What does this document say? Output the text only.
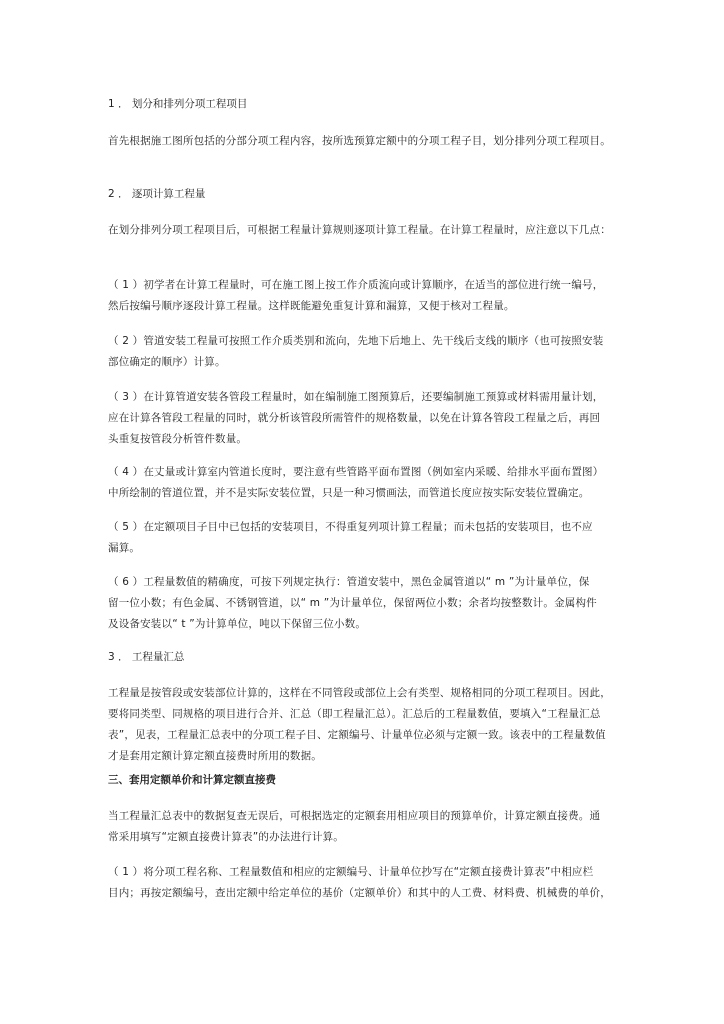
1 ． 划分和排列分项工程项目

首先根据施工图所包括的分部分项工程内容，按所选预算定额中的分项工程子目，划分排列分项工程项目。

2 ． 逐项计算工程量

在划分排列分项工程项目后，可根据工程量计算规则逐项计算工程量。在计算工程量时，应注意以下几点：

（ 1 ）初学者在计算工程量时，可在施工图上按工作介质流向或计算顺序，在适当的部位进行统一编号，
然后按编号顺序逐段计算工程量。这样既能避免重复计算和漏算，又便于核对工程量。

（ 2 ）管道安装工程量可按照工作介质类别和流向，先地下后地上、先干线后支线的顺序（也可按照安装
部位确定的顺序）计算。

（ 3 ）在计算管道安装各管段工程量时，如在编制施工图预算后，还要编制施工预算或材料需用量计划，
应在计算各管段工程量的同时，就分析该管段所需管件的规格数量，以免在计算各管段工程量之后，再回
头重复按管段分析管件数量。

（ 4 ）在丈量或计算室内管道长度时，要注意有些管路平面布置图（例如室内采暖、给排水平面布置图）
中所绘制的管道位置，并不是实际安装位置，只是一种习惯画法，而管道长度应按实际安装位置确定。

（ 5 ）在定额项目子目中已包括的安装项目，不得重复列项计算工程量；而未包括的安装项目，也不应
漏算。

（ 6 ）工程量数值的精确度，可按下列规定执行：管道安装中，黑色金属管道以“ m ”为计量单位，保
留一位小数；有色金属、不锈钢管道，以“ m ”为计量单位，保留两位小数；余者均按整数计。金属构件
及设备安装以“ t ”为计算单位，吨以下保留三位小数。

3 ． 工程量汇总

工程量是按管段或安装部位计算的，这样在不同管段或部位上会有类型、规格相同的分项工程项目。因此，
要将同类型、同规格的项目进行合并、汇总（即工程量汇总）。汇总后的工程量数值，要填入“工程量汇总
表”，见表，工程量汇总表中的分项工程子目、定额编号、计量单位必须与定额一致。该表中的工程量数值
才是套用定额计算定额直接费时所用的数据。

三、套用定额单价和计算定额直接费

当工程量汇总表中的数据复查无误后，可根据选定的定额套用相应项目的预算单价，计算定额直接费。通
常采用填写“定额直接费计算表”的办法进行计算。

（ 1 ）将分项工程名称、工程量数值和相应的定额编号、计量单位抄写在“定额直接费计算表”中相应栏
目内；再按定额编号，查出定额中给定单位的基价（定额单价）和其中的人工费、材料费、机械费的单价，
